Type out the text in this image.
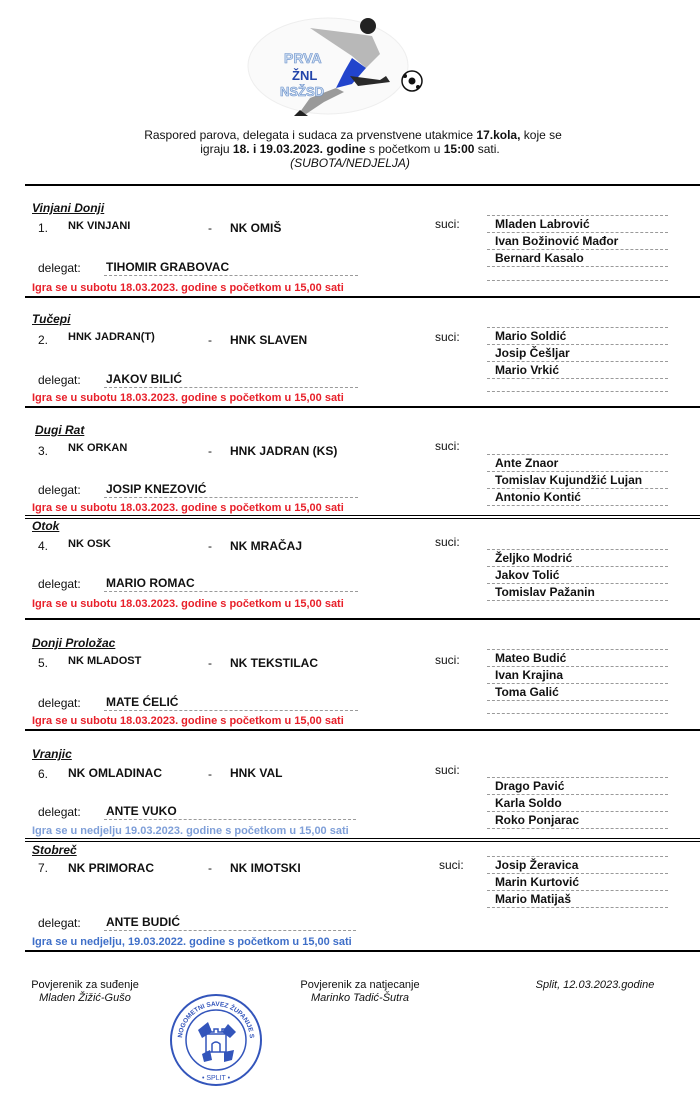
PRVA
ŽNL
NSŽSD
Raspored parova, delegata i sudaca za prvenstvene utakmice 17.kola, koje se
igraju 18. i 19.03.2023. godine s početkom u 15:00 sati.
(SUBOTA/NEDJELJA)
Vinjani Donji
1. NK VINJANI	- NK OMIŠ	suci:	Mladen Labrović
Ivan Božinović Mađor
Bernard Kasalo
delegat: TIHOMIR GRABOVAC
Igra se u subotu 18.03.2023. godine s početkom u 15,00 sati
Tučepi
2. HNK JADRAN(T)	- HNK SLAVEN	suci:	Mario Soldić
Josip Češljar
Mario Vrkić
delegat: JAKOV BILIĆ
Igra se u subotu 18.03.2023. godine s početkom u 15,00 sati
Dugi Rat
3. NK ORKAN	- HNK JADRAN (KS)	suci:
Ante Znaor
Tomislav Kujundžić Lujan
Antonio Kontić
delegat: JOSIP KNEZOVIĆ
Igra se u subotu 18.03.2023. godine s početkom u 15,00 sati
Otok
4. NK OSK	- NK MRAČAJ	suci:
Željko Modrić
Jakov Tolić
Tomislav Pažanin
delegat: MARIO ROMAC
Igra se u subotu 18.03.2023. godine s početkom u 15,00 sati
Donji Proložac
5. NK MLADOST	- NK TEKSTILAC	suci:	Mateo Budić
Ivan Krajina
Toma Galić
delegat: MATE ĆELIĆ
Igra se u subotu 18.03.2023. godine s početkom u 15,00 sati
Vranjic
6. NK OMLADINAC	- HNK VAL	suci:
Drago Pavić
Karla Soldo
Roko Ponjarac
delegat: ANTE VUKO
Igra se u nedjelju 19.03.2023. godine s početkom u 15,00 sati
Stobreč
7. NK PRIMORAC	- NK IMOTSKI	suci:	Josip Žeravica
Marin Kurtović
Mario Matijaš
delegat: ANTE BUDIĆ
Igra se u nedjelju, 19.03.2022. godine s početkom u 15,00 sati
Povjerenik za suđenje
Mladen Žižić-Gušo
Povjerenik za natjecanje
Marinko Tadić-Šutra
Split, 12.03.2023.godine
NOGOMETNI SAVEZ ŽUPANIJE S
• SPLIT •
